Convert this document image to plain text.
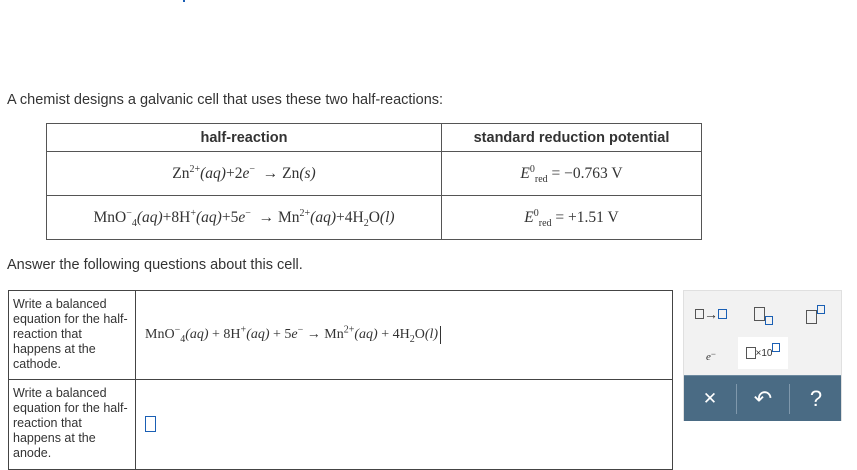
A chemist designs a galvanic cell that uses these two half-reactions:
half-reaction	standard reduction potential
$Zn^{2+}(aq)+2e^- \to Zn(s)$	$E^0_{red} = -0.763$ V
$MnO^-_4(aq)+8H^+(aq)+5e^- \to Mn^{2+}(aq)+4H_2O(l)$	$E^0_{red} = +1.51$ V
Answer the following questions about this cell.
Write a balanced equation for the half-reaction that happens at the cathode.	$MnO^-_4(aq) + 8H^+(aq) + 5e^- \to Mn^{2+}(aq) + 4H_2O(l)$
Write a balanced equation for the half-reaction that happens at the anode.	
→
e −	×10
✕ ↶ ?
